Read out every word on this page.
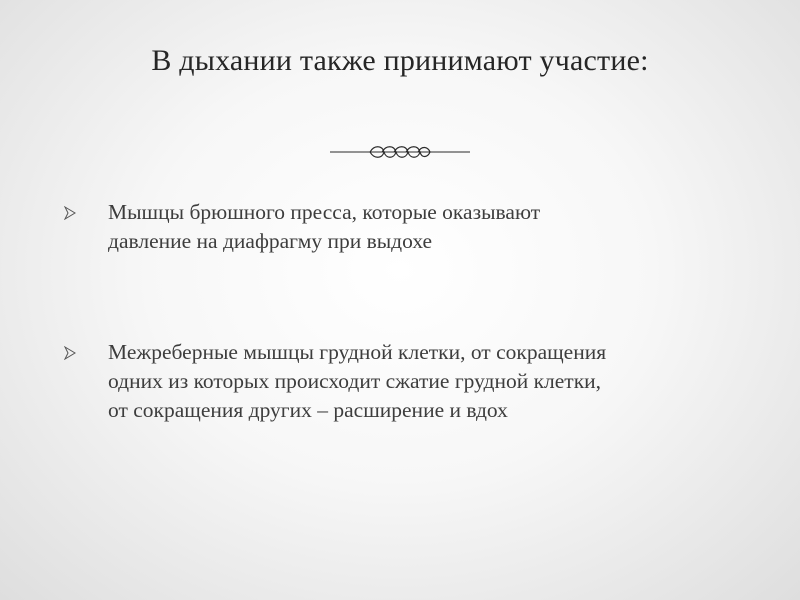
В дыхании также принимают участие:
Мышцы брюшного пресса, которые оказывают
давление на диафрагму при выдохе
Межреберные мышцы грудной клетки, от сокращения
одних из которых происходит сжатие грудной клетки,
от сокращения других – расширение и вдох
